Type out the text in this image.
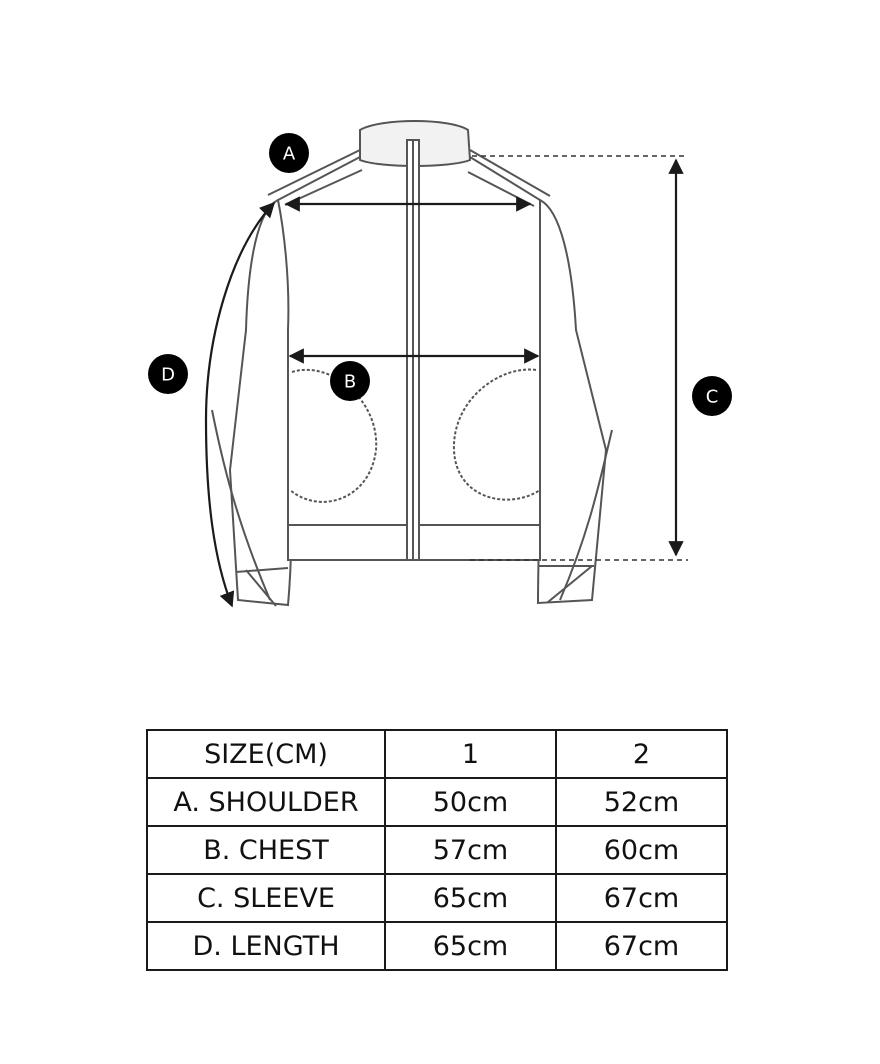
A
B
C
D
SIZE(CM)	1	2
A. SHOULDER	50cm	52cm
B. CHEST	57cm	60cm
C. SLEEVE	65cm	67cm
D. LENGTH	65cm	67cm
